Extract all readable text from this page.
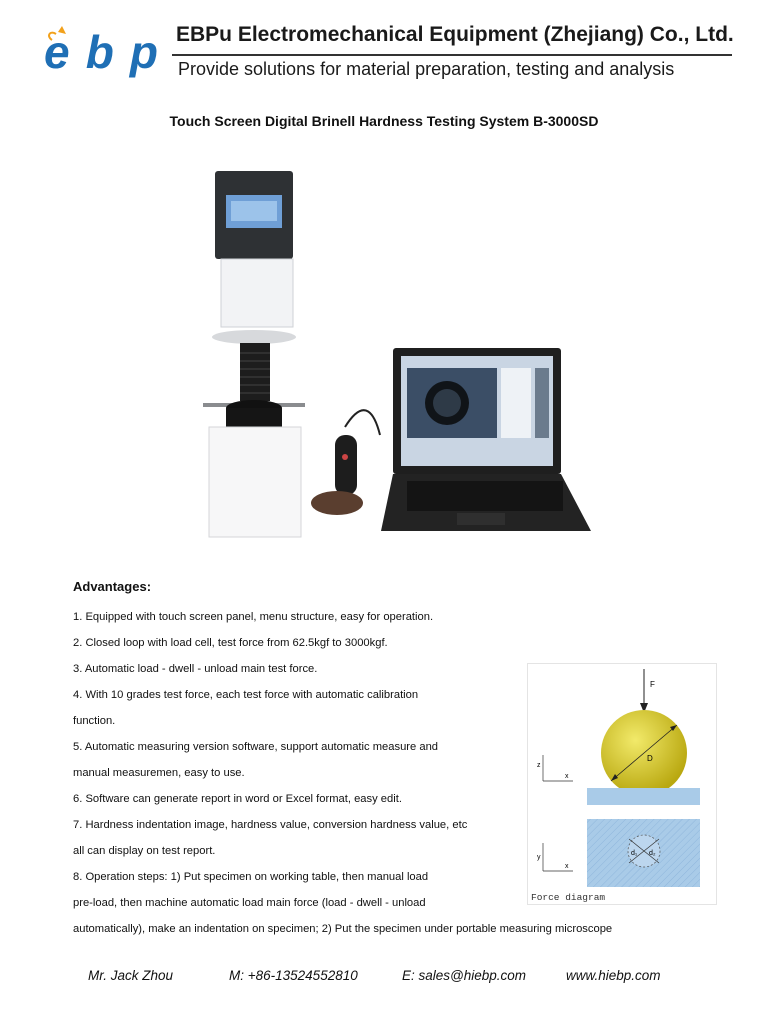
ebp EBPu Electromechanical Equipment (Zhejiang) Co., Ltd.
Provide solutions for material preparation, testing and analysis
Touch Screen Digital Brinell Hardness Testing System B-3000SD
Advantages:
1. Equipped with touch screen panel, menu structure, easy for operation.
2. Closed loop with load cell, test force from 62.5kgf to 3000kgf.
3. Automatic load - dwell - unload main test force.
4. With 10 grades test force, each test force with automatic calibration
function.
5. Automatic measuring version software, support automatic measure and
manual measuremen, easy to use.
6. Software can generate report in word or Excel format, easy edit.
7. Hardness indentation image, hardness value, conversion hardness value, etc
all can display on test report.
8. Operation steps: 1) Put specimen on working table, then manual load
pre-load, then machine automatic load main force (load - dwell - unload
automatically), make an indentation on specimen; 2) Put the specimen under portable measuring microscope
F
D
d₁ d₂
z
x
y
x
Force diagram
Mr. Jack Zhou	M: +86-13524552810	E: sales@hiebp.com	www.hiebp.com
